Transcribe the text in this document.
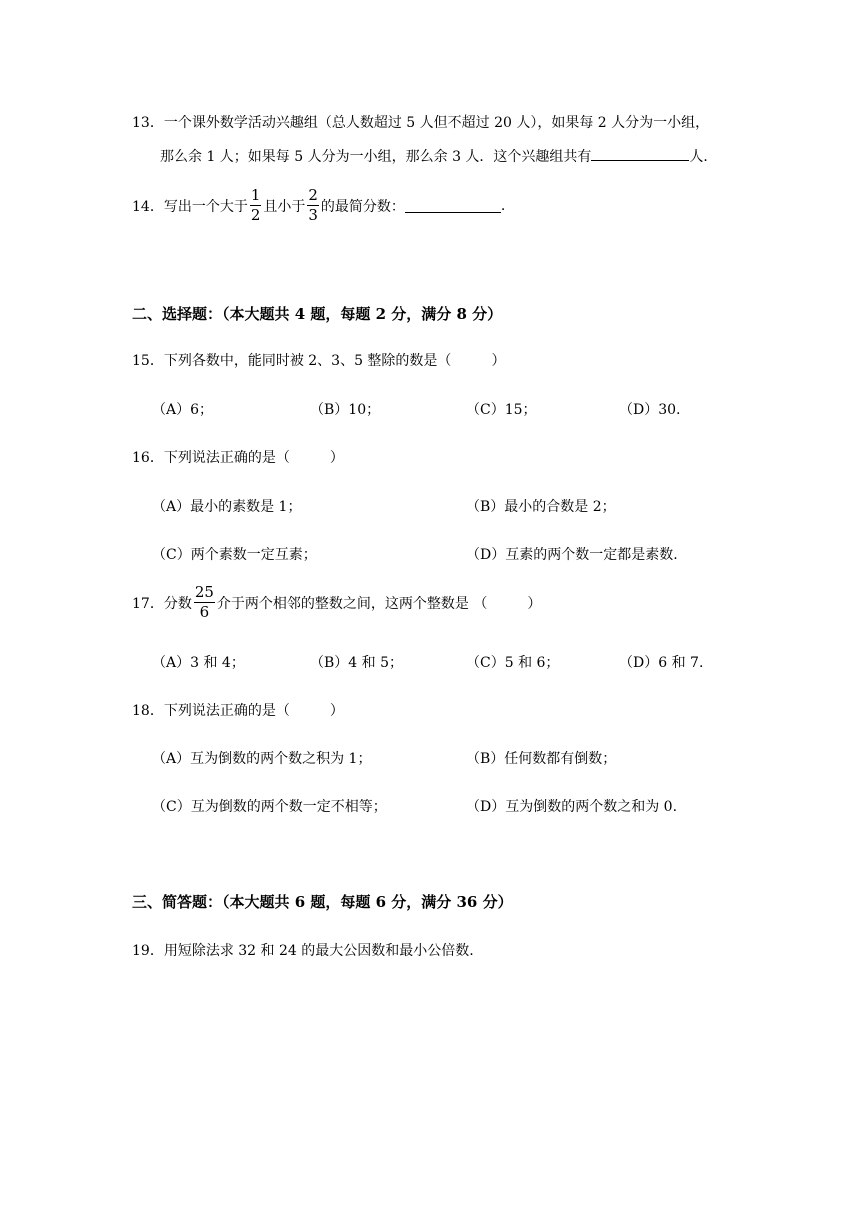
13．一个课外数学活动兴趣组（总人数超过 5 人但不超过 20 人），如果每 2 人分为一小组，
那么余 1 人；如果每 5 人分为一小组，那么余 3 人．这个兴趣组共有	人．
14．写出一个大于 $\frac{1}{2}$ 且小于 $\frac{2}{3}$ 的最简分数：	.
二、选择题：（本大题共 4 题，每题 2 分，满分 8 分）
15．下列各数中，能同时被 2、3、5 整除的数是（	）
（A）6；	（B）10；	（C）15；	（D）30.
16．下列说法正确的是（	）
（A）最小的素数是 1；	（B）最小的合数是 2；
（C）两个素数一定互素；	（D）互素的两个数一定都是素数.
17．分数 $\frac{25}{6}$ 介于两个相邻的整数之间，这两个整数是 （	）
（A）3 和 4；	（B）4 和 5；	（C）5 和 6；	（D）6 和 7.
18．下列说法正确的是（	）
（A）互为倒数的两个数之积为 1；	（B）任何数都有倒数；
（C）互为倒数的两个数一定不相等；	（D）互为倒数的两个数之和为 0.
三、简答题：（本大题共 6 题，每题 6 分，满分 36 分）
19．用短除法求 32 和 24 的最大公因数和最小公倍数.
